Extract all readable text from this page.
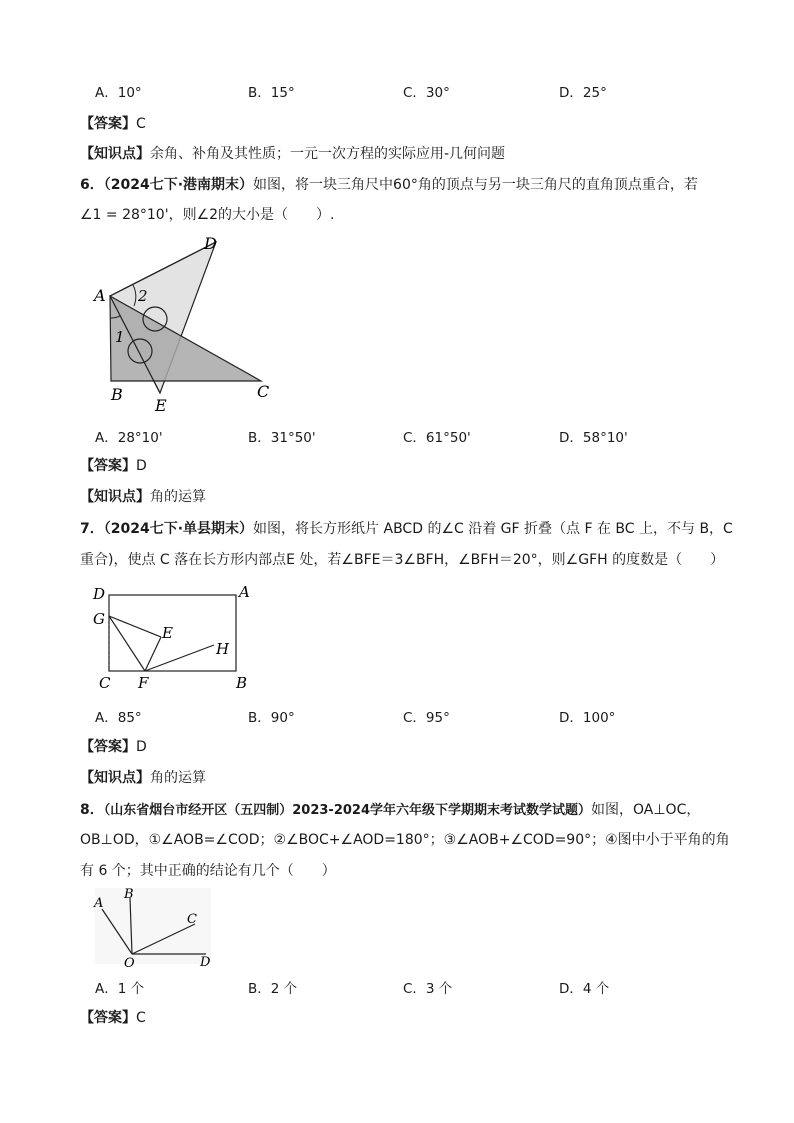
A．10°	B．15°	C．30°	D．25°
【答案】C
【知识点】余角、补角及其性质；一元一次方程的实际应用-几何问题
6．（2024七下·港南期末）如图，将一块三角尺中60°角的顶点与另一块三角尺的直角顶点重合，若
∠1 = 28°10'，则∠2的大小是（　　）.
A
D
B
E
C
1
2
A．28°10'	B．31°50'	C．61°50'	D．58°10'
【答案】D
【知识点】角的运算
7．（2024七下·单县期末）如图，将长方形纸片 ABCD 的∠C 沿着 GF 折叠（点 F 在 BC 上，不与 B，C
重合)，使点 C 落在长方形内部点E 处，若∠BFE＝3∠BFH，∠BFH＝20°，则∠GFH 的度数是（　　）
D	A
G
E
H
C F	B
A．85°	B．90°	C．95°	D．100°
【答案】D
【知识点】角的运算
8．（山东省烟台市经开区（五四制）2023-2024学年六年级下学期期末考试数学试题）如图，OA⊥OC，
OB⊥OD，①∠AOB=∠COD；②∠BOC+∠AOD=180°；③∠AOB+∠COD=90°；④图中小于平角的角
有 6 个；其中正确的结论有几个（　　）
A
B
C
D
O
A．1 个	B．2 个	C．3 个	D．4 个
【答案】C
